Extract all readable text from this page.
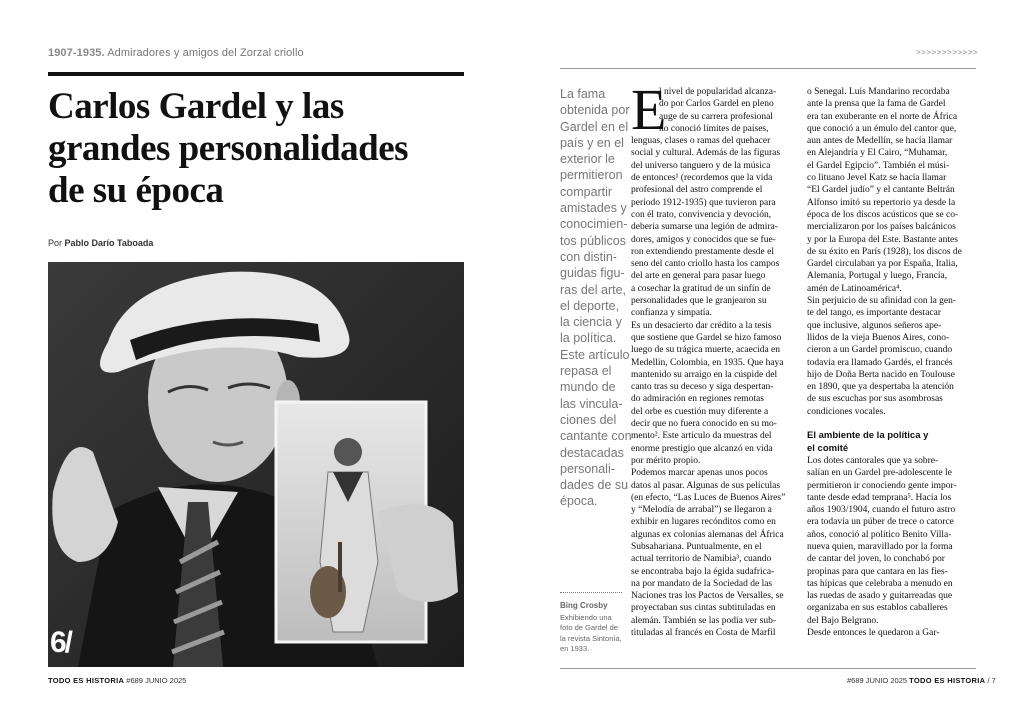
1907-1935. Admiradores y amigos del Zorzal criollo
Carlos Gardel y las
grandes personalidades
de su época
Por Pablo Darío Taboada
6/
TODO ES HISTORIA #689 JUNIO 2025
>>>>>>>>>>>>
La fama
obtenida por
Gardel en el
país y en el
exterior le
permitieron
compartir
amistades y
conocimien-
tos públicos
con distin-
guidas figu-
ras del arte,
el deporte,
la ciencia y
la política.
Este artículo
repasa el
mundo de
las vincula-
ciones del
cantante con
destacadas
personali-
dades de su
época.
Bing Crosby
Exhibiendo una
foto de Gardel de
la revista Sintonía,
en 1933.
E
l nivel de popularidad alcanza-
do por Carlos Gardel en pleno
auge de su carrera profesional
no conoció límites de países,
lenguas, clases o ramas del quehacer
social y cultural. Además de las figuras
del universo tanguero y de la música
de entonces¹ (recordemos que la vida
profesional del astro comprende el
período 1912-1935) que tuvieron para
con él trato, convivencia y devoción,
debería sumarse una legión de admira-
dores, amigos y conocidos que se fue-
ron extendiendo prestamente desde el
seno del canto criollo hasta los campos
del arte en general para pasar luego
a cosechar la gratitud de un sinfín de
personalidades que le granjearon su
confianza y simpatía.
Es un desacierto dar crédito a la tesis
que sostiene que Gardel se hizo famoso
luego de su trágica muerte, acaecida en
Medellín, Colombia, en 1935. Que haya
mantenido su arraigo en la cúspide del
canto tras su deceso y siga despertan-
do admiración en regiones remotas
del orbe es cuestión muy diferente a
decir que no fuera conocido en su mo-
mento². Este artículo da muestras del
enorme prestigio que alcanzó en vida
por mérito propio.
Podemos marcar apenas unos pocos
datos al pasar. Algunas de sus películas
(en efecto, “Las Luces de Buenos Aires”
y “Melodía de arrabal”) se llegaron a
exhibir en lugares recónditos como en
algunas ex colonias alemanas del África
Subsahariana. Puntualmente, en el
actual territorio de Namibia³, cuando
se encontraba bajo la égida sudafrica-
na por mandato de la Sociedad de las
Naciones tras los Pactos de Versalles, se
proyectaban sus cintas subtituladas en
alemán. También se las podía ver sub-
tituladas al francés en Costa de Marfil
o Senegal. Luis Mandarino recordaba
ante la prensa que la fama de Gardel
era tan exuberante en el norte de África
que conoció a un émulo del cantor que,
aun antes de Medellín, se hacía llamar
en Alejandría y El Cairo, “Muhamar,
el Gardel Egipcio”. También el músi-
co lituano Jevel Katz se hacía llamar
“El Gardel judío” y el cantante Beltrán
Alfonso imitó su repertorio ya desde la
época de los discos acústicos que se co-
mercializaron por los países balcánicos
y por la Europa del Este. Bastante antes
de su éxito en París (1928), los discos de
Gardel circulaban ya por España, Italia,
Alemania, Portugal y luego, Francia,
amén de Latinoamérica⁴.
Sin perjuicio de su afinidad con la gen-
te del tango, es importante destacar
que inclusive, algunos señeros ape-
llidos de la vieja Buenos Aires, cono-
cieron a un Gardel promiscuo, cuando
todavía era llamado Gardés, el francés
hijo de Doña Berta nacido en Toulouse
en 1890, que ya despertaba la atención
de sus escuchas por sus asombrosas
condiciones vocales.
El ambiente de la política y
el comité
Los dotes cantorales que ya sobre-
salían en un Gardel pre-adolescente le
permitieron ir conociendo gente impor-
tante desde edad temprana⁵. Hacia los
años 1903/1904, cuando el futuro astro
era todavía un púber de trece o catorce
años, conoció al político Benito Villa-
nueva quien, maravillado por la forma
de cantar del joven, lo conchabó por
propinas para que cantara en las fies-
tas hípicas que celebraba a menudo en
las ruedas de asado y guitarreadas que
organizaba en sus establos caballeres
del Bajo Belgrano.
Desde entonces le quedaron a Gar-
#689 JUNIO 2025 TODO ES HISTORIA / 7
